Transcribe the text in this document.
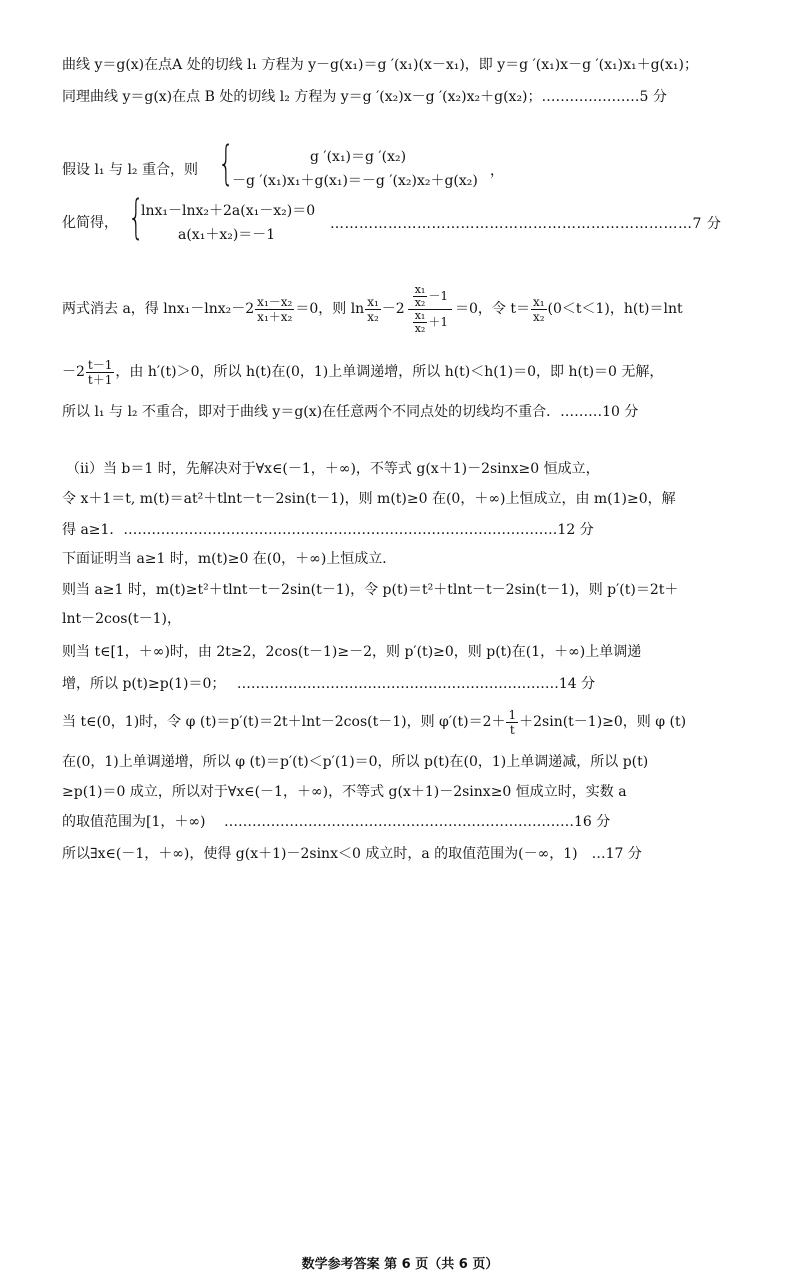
曲线 y＝g(x)在点A 处的切线 l₁ 方程为 y－g(x₁)＝g ′(x₁)(x－x₁)，即 y＝g ′(x₁)x－g ′(x₁)x₁＋g(x₁)；
同理曲线 y＝g(x)在点 B 处的切线 l₂ 方程为 y＝g ′(x₂)x－g ′(x₂)x₂＋g(x₂)；…………………5 分
假设 l₁ 与 l₂ 重合，则 {	g ′(x₁)＝g ′(x₂)
－g ′(x₁)x₁＋g(x₁)＝－g ′(x₂)x₂＋g(x₂)
，
化简得， {
lnx₁－lnx₂＋2a(x₁－x₂)＝0
a(x₁＋x₂)＝－1
…………………………………………………………………7 分
两式消去 a，得 $\ln x_1-\ln x_2-2 \frac{\text{x₁－x₂}}{\text{x₁＋x₂}} =0$，则 $\ln \frac{\text{x₁}}{\text{x₂}} -2 \frac{\frac{\text{x₁}}{\text{x₂}} -1}{\frac{\text{x₁}}{\text{x₂}} +1} =0$，令 $t= \frac{\text{x₁}}{\text{x₂}} (0<t<1)$，h(t)＝lnt
$-2 \frac{t-1}{t+1}$ ，由 h′(t)＞0，所以 h(t)在(0，1)上单调递增，所以 h(t)＜h(1)＝0，即 h(t)＝0 无解，
所以 l₁ 与 l₂ 不重合，即对于曲线 y＝g(x)在任意两个不同点处的切线均不重合．………10 分
（ii）当 b＝1 时，先解决对于∀x∈(－1，＋∞)，不等式 g(x＋1)－2sinx≥0 恒成立，
令 x＋1＝t, m(t)＝at²＋tlnt－t－2sin(t－1)，则 m(t)≥0 在(0，＋∞)上恒成立，由 m(1)≥0，解
得 a≥1．…………………………………………………………………………………12 分
下面证明当 a≥1 时，m(t)≥0 在(0，＋∞)上恒成立．
则当 a≥1 时，m(t)≥t²＋tlnt－t－2sin(t－1)，令 p(t)＝t²＋tlnt－t－2sin(t－1)，则 p′(t)＝2t＋
lnt－2cos(t－1)，
则当 t∈[1，＋∞)时，由 2t≥2，2cos(t－1)≥－2，则 p′(t)≥0，则 p(t)在(1，＋∞)上单调递
增，所以 p(t)≥p(1)＝0；　 ……………………………………………………………14 分
当 t∈(0，1)时，令 φ (t)＝p′(t)＝2t＋lnt－2cos(t－1)，则 $\varphi'(t)=2+ \frac{1}{t} +2\sin(t-1)\ge 0$，则 φ (t)
在(0，1)上单调递增，所以 φ (t)＝p′(t)＜p′(1)＝0，所以 p(t)在(0，1)上单调递减，所以 p(t)
≥p(1)＝0 成立，所以对于∀x∈(－1，＋∞)，不等式 g(x＋1)－2sinx≥0 恒成立时，实数 a
的取值范围为[1，＋∞)　 …………………………………………………………………16 分
所以∃x∈(－1，＋∞)，使得 g(x＋1)－2sinx＜0 成立时，a 的取值范围为(－∞，1)　…17 分
数学参考答案 第 6 页（共 6 页）
